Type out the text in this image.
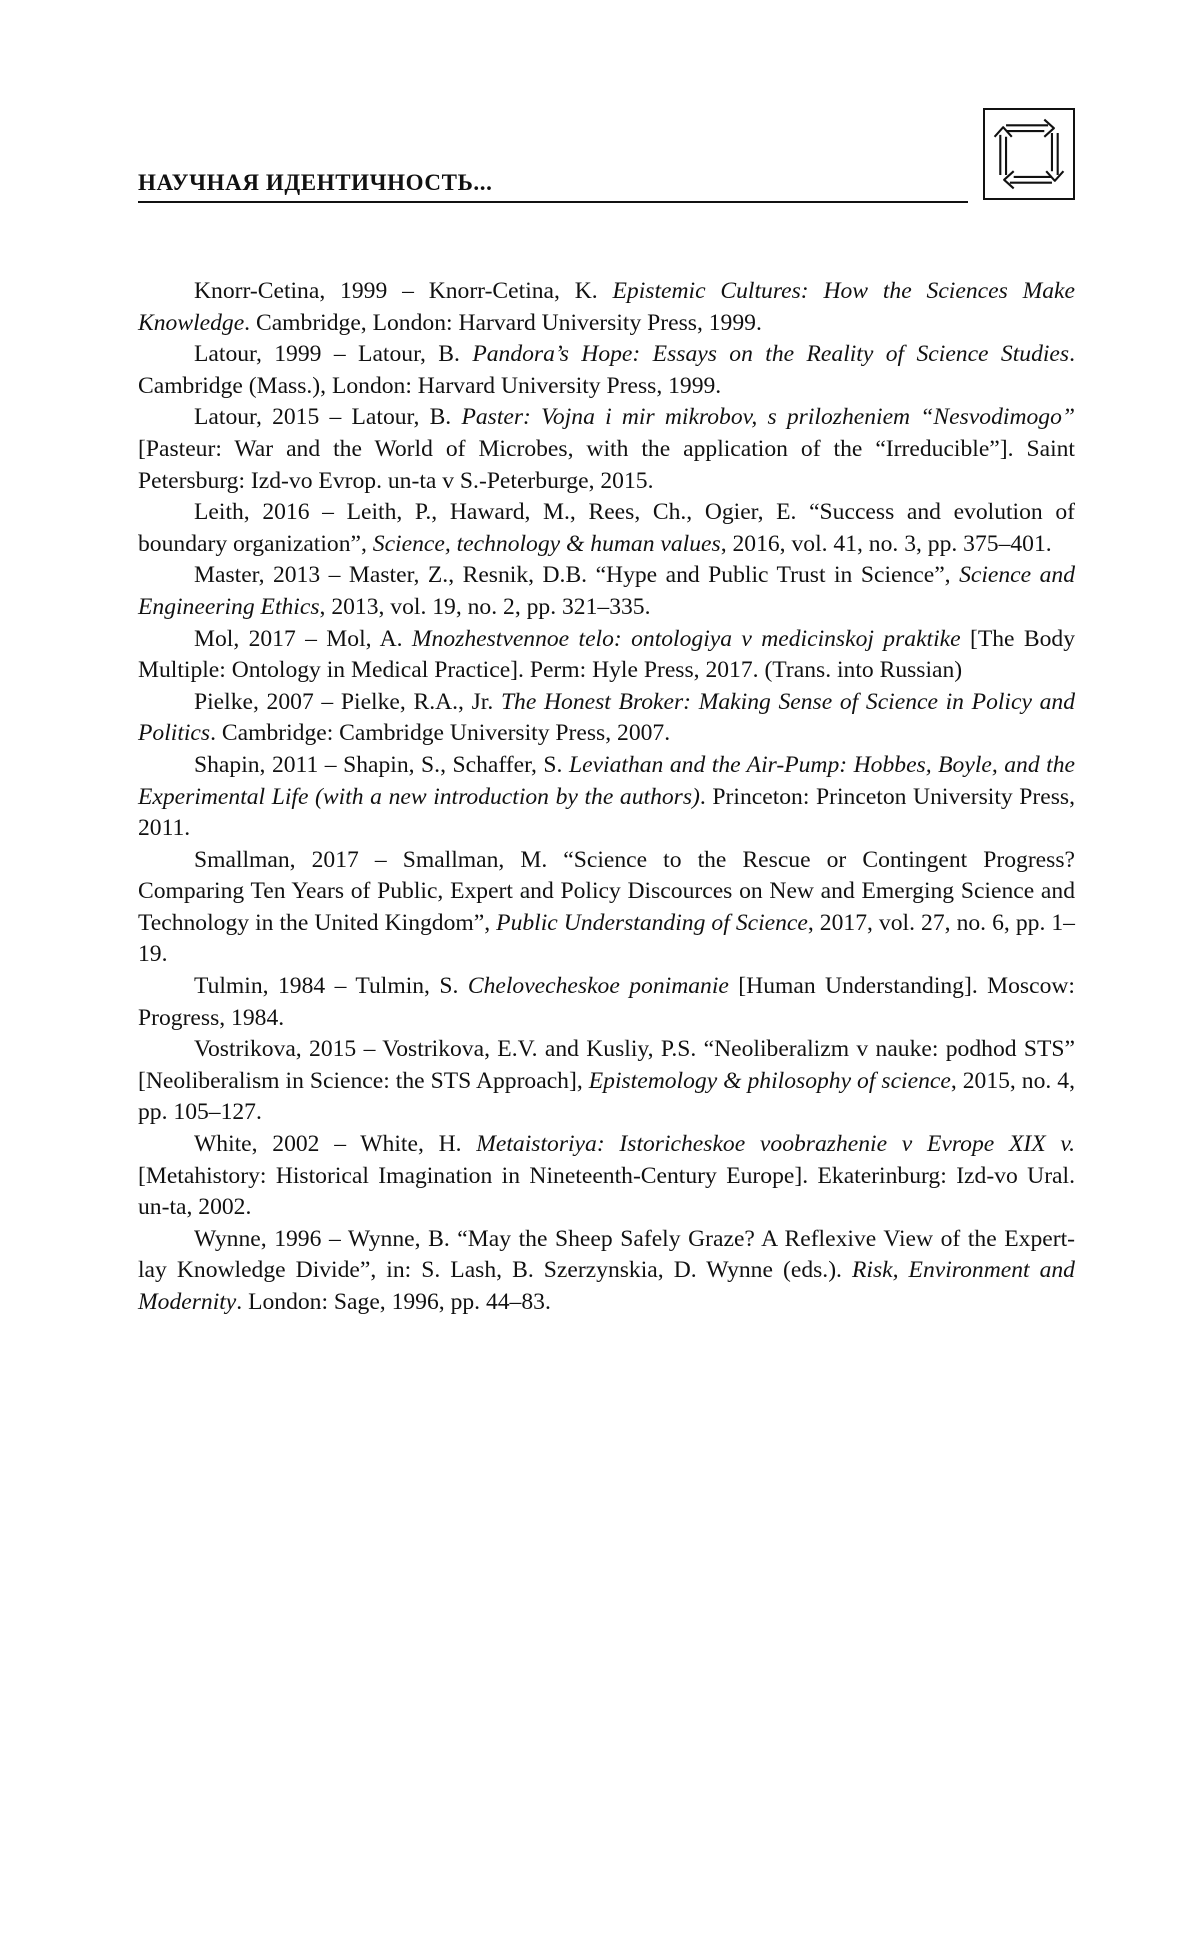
НАУЧНАЯ ИДЕНТИЧНОСТЬ...

Knorr-Cetina, 1999 – Knorr-Cetina, K. Epistemic Cultures: How the Sciences Make Knowledge. Cambridge, London: Harvard University Press, 1999.

Latour, 1999 – Latour, B. Pandora’s Hope: Essays on the Reality of Science Studies. Cambridge (Mass.), London: Harvard University Press, 1999.

Latour, 2015 – Latour, B. Paster: Vojna i mir mikrobov, s prilozheniem “Nesvodimogo” [Pasteur: War and the World of Microbes, with the application of the “Irreducible”]. Saint Petersburg: Izd-vo Evrop. un-ta v S.-Peterburge, 2015.

Leith, 2016 – Leith, P., Haward, M., Rees, Ch., Ogier, E. “Success and evolution of boundary organization”, Science, technology & human values, 2016, vol. 41, no. 3, pp. 375–401.

Master, 2013 – Master, Z., Resnik, D.B. “Hype and Public Trust in Science”, Science and Engineering Ethics, 2013, vol. 19, no. 2, pp. 321–335.

Mol, 2017 – Mol, A. Mnozhestvennoe telo: ontologiya v medicinskoj praktike [The Body Multiple: Ontology in Medical Practice]. Perm: Hyle Press, 2017. (Trans. into Russian)

Pielke, 2007 – Pielke, R.A., Jr. The Honest Broker: Making Sense of Science in Policy and Politics. Cambridge: Cambridge University Press, 2007.

Shapin, 2011 – Shapin, S., Schaffer, S. Leviathan and the Air-Pump: Hobbes, Boyle, and the Experimental Life (with a new introduction by the authors). Princeton: Princeton University Press, 2011.

Smallman, 2017 – Smallman, M. “Science to the Rescue or Contingent Progress? Comparing Ten Years of Public, Expert and Policy Discources on New and Emerging Science and Technology in the United Kingdom”, Public Understanding of Science, 2017, vol. 27, no. 6, pp. 1–19.

Tulmin, 1984 – Tulmin, S. Chelovecheskoe ponimanie [Human Understanding]. Moscow: Progress, 1984.

Vostrikova, 2015 – Vostrikova, E.V. and Kusliy, P.S. “Neoliberalizm v nauke: podhod STS” [Neoliberalism in Science: the STS Approach], Epistemology & philosophy of science, 2015, no. 4, pp. 105–127.

White, 2002 – White, H. Metaistoriya: Istoricheskoe voobrazhenie v Evrope XIX v. [Metahistory: Historical Imagination in Nineteenth-Century Europe]. Ekaterinburg: Izd-vo Ural. un-ta, 2002.

Wynne, 1996 – Wynne, B. “May the Sheep Safely Graze? A Reflexive View of the Expert-lay Knowledge Divide”, in: S. Lash, B. Szerzynskia, D. Wynne (eds.). Risk, Environment and Modernity. London: Sage, 1996, pp. 44–83.
